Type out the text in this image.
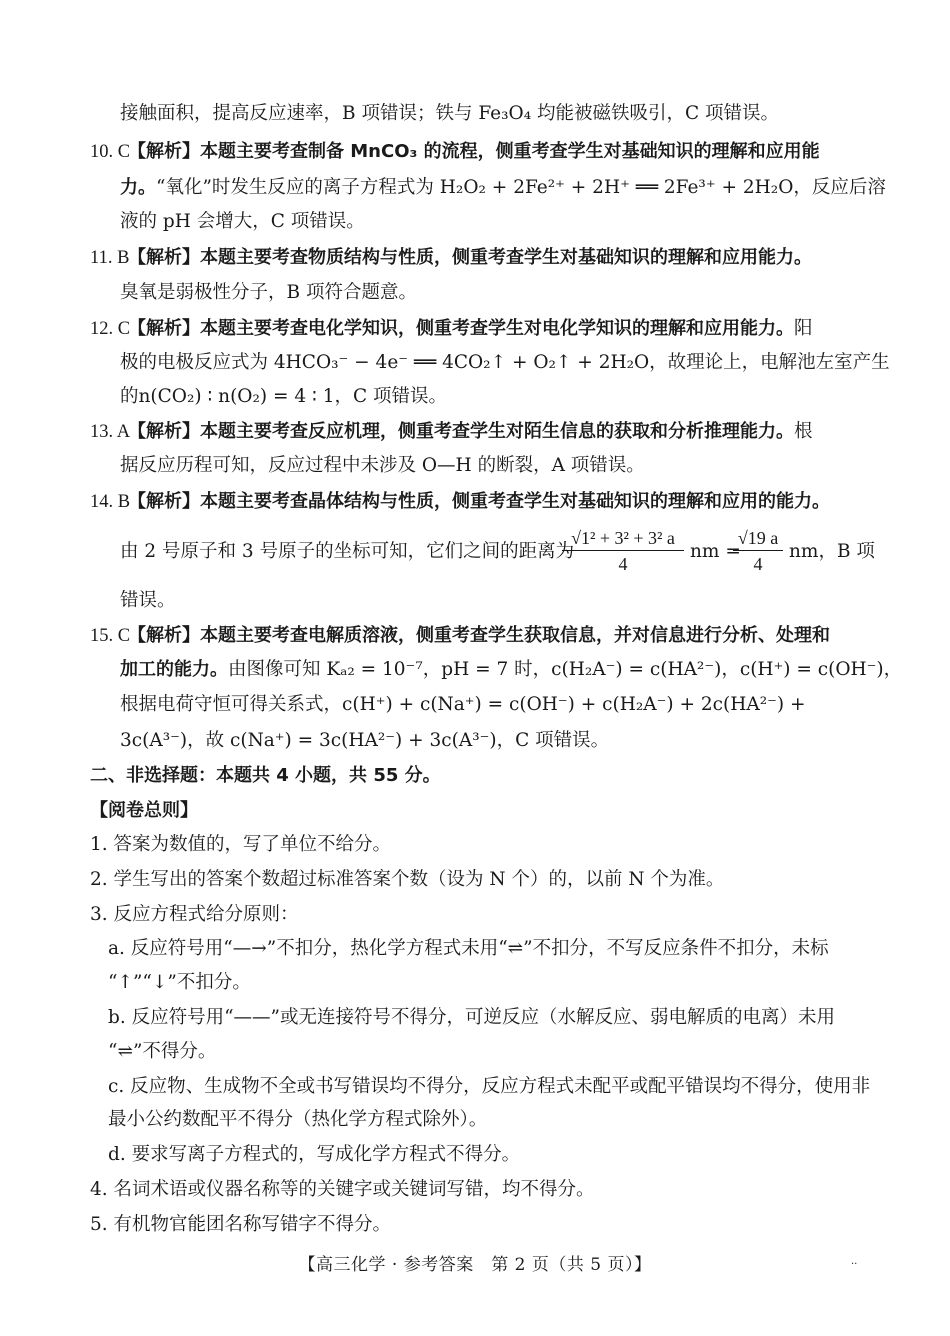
接触面积，提高反应速率，B 项错误；铁与 Fe₃O₄ 均能被磁铁吸引，C 项错误。
10. C【解析】本题主要考查制备 MnCO₃ 的流程，侧重考查学生对基础知识的理解和应用能
力。“氧化”时发生反应的离子方程式为 H₂O₂ + 2Fe²⁺ + 2H⁺ ══ 2Fe³⁺ + 2H₂O，反应后溶
液的 pH 会增大，C 项错误。
11. B【解析】本题主要考查物质结构与性质，侧重考查学生对基础知识的理解和应用能力。
臭氧是弱极性分子，B 项符合题意。
12. C【解析】本题主要考查电化学知识，侧重考查学生对电化学知识的理解和应用能力。阳
极的电极反应式为 4HCO₃⁻ − 4e⁻ ══ 4CO₂↑ + O₂↑ + 2H₂O，故理论上，电解池左室产生
的n(CO₂) ∶ n(O₂) = 4 ∶ 1，C 项错误。
13. A【解析】本题主要考查反应机理，侧重考查学生对陌生信息的获取和分析推理能力。根
据反应历程可知，反应过程中未涉及 O—H 的断裂，A 项错误。
14. B【解析】本题主要考查晶体结构与性质，侧重考查学生对基础知识的理解和应用的能力。
由 2 号原子和 3 号原子的坐标可知，它们之间的距离为
√1² + 3² + 3² a
4
nm =
√19 a
4
nm，B 项
错误。
15. C【解析】本题主要考查电解质溶液，侧重考查学生获取信息，并对信息进行分析、处理和
加工的能力。由图像可知 Kₐ₂ = 10⁻⁷，pH = 7 时，c(H₂A⁻) = c(HA²⁻)，c(H⁺) = c(OH⁻)，
根据电荷守恒可得关系式，c(H⁺) + c(Na⁺) = c(OH⁻) + c(H₂A⁻) + 2c(HA²⁻) +
3c(A³⁻)，故 c(Na⁺) = 3c(HA²⁻) + 3c(A³⁻)，C 项错误。
二、非选择题：本题共 4 小题，共 55 分。
【阅卷总则】
1. 答案为数值的，写了单位不给分。
2. 学生写出的答案个数超过标准答案个数（设为 N 个）的，以前 N 个为准。
3. 反应方程式给分原则：
a. 反应符号用“—→”不扣分，热化学方程式未用“⇌”不扣分，不写反应条件不扣分，未标
“↑”“↓”不扣分。
b. 反应符号用“——”或无连接符号不得分，可逆反应（水解反应、弱电解质的电离）未用
“⇌”不得分。
c. 反应物、生成物不全或书写错误均不得分，反应方程式未配平或配平错误均不得分，使用非
最小公约数配平不得分（热化学方程式除外）。
d. 要求写离子方程式的，写成化学方程式不得分。
4. 名词术语或仪器名称等的关键字或关键词写错，均不得分。
5. 有机物官能团名称写错字不得分。
【高三化学 · 参考答案　第 2 页（共 5 页）】	..
